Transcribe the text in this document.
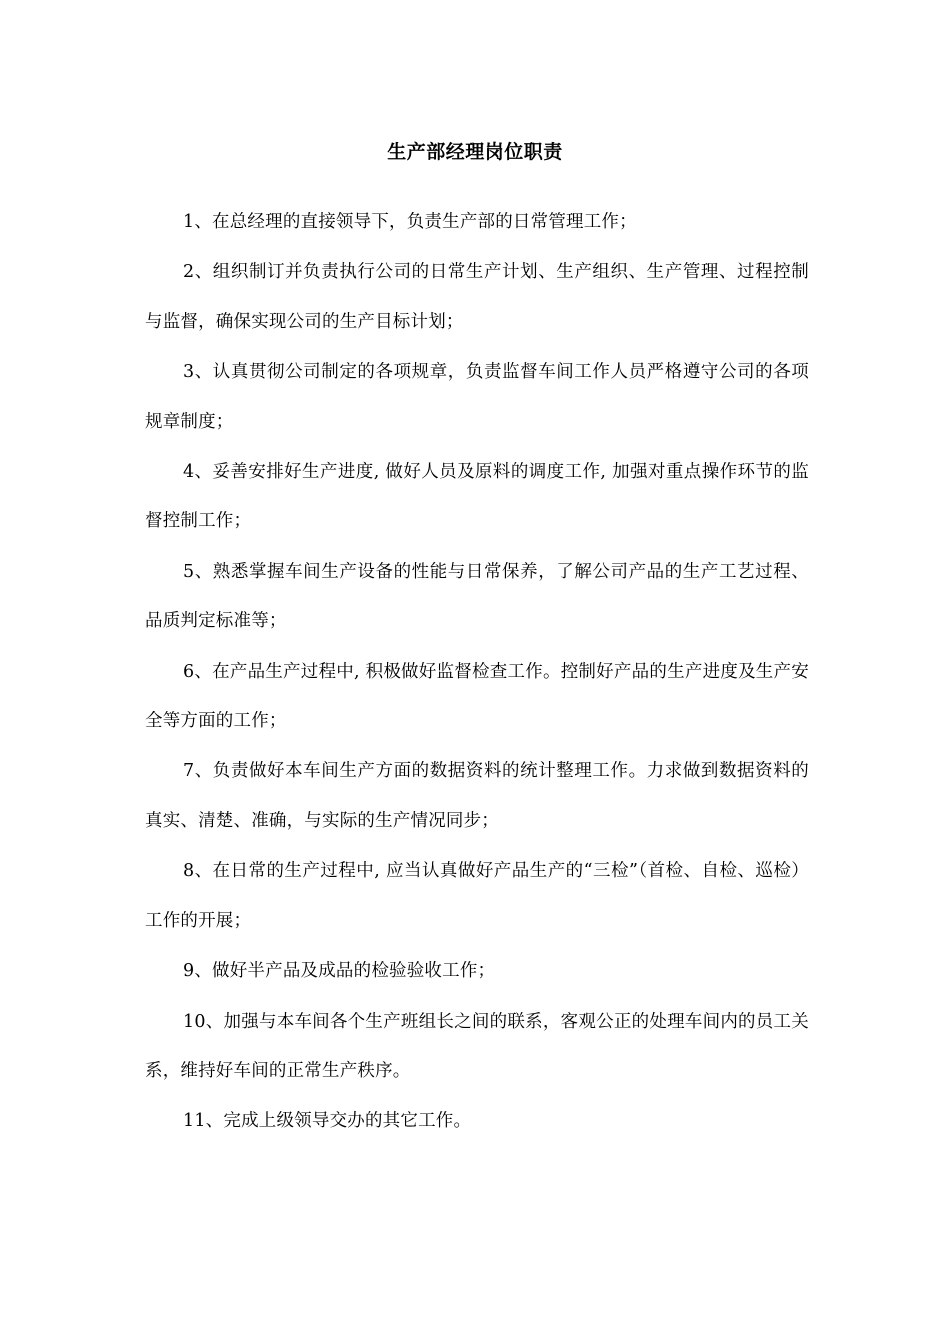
生产部经理岗位职责

1、在总经理的直接领导下，负责生产部的日常管理工作；

2、组织制订并负责执行公司的日常生产计划、生产组织、生产管理、过程控制与监督，确保实现公司的生产目标计划；

3、认真贯彻公司制定的各项规章，负责监督车间工作人员严格遵守公司的各项规章制度；

4、妥善安排好生产进度, 做好人员及原料的调度工作, 加强对重点操作环节的监督控制工作；

5、熟悉掌握车间生产设备的性能与日常保养，了解公司产品的生产工艺过程、品质判定标准等；

6、在产品生产过程中, 积极做好监督检查工作。控制好产品的生产进度及生产安全等方面的工作；

7、负责做好本车间生产方面的数据资料的统计整理工作。力求做到数据资料的真实、清楚、准确，与实际的生产情况同步；

8、在日常的生产过程中, 应当认真做好产品生产的“三检”（首检、自检、巡检）工作的开展；

9、做好半产品及成品的检验验收工作；

10、加强与本车间各个生产班组长之间的联系，客观公正的处理车间内的员工关系，维持好车间的正常生产秩序。

11、完成上级领导交办的其它工作。
